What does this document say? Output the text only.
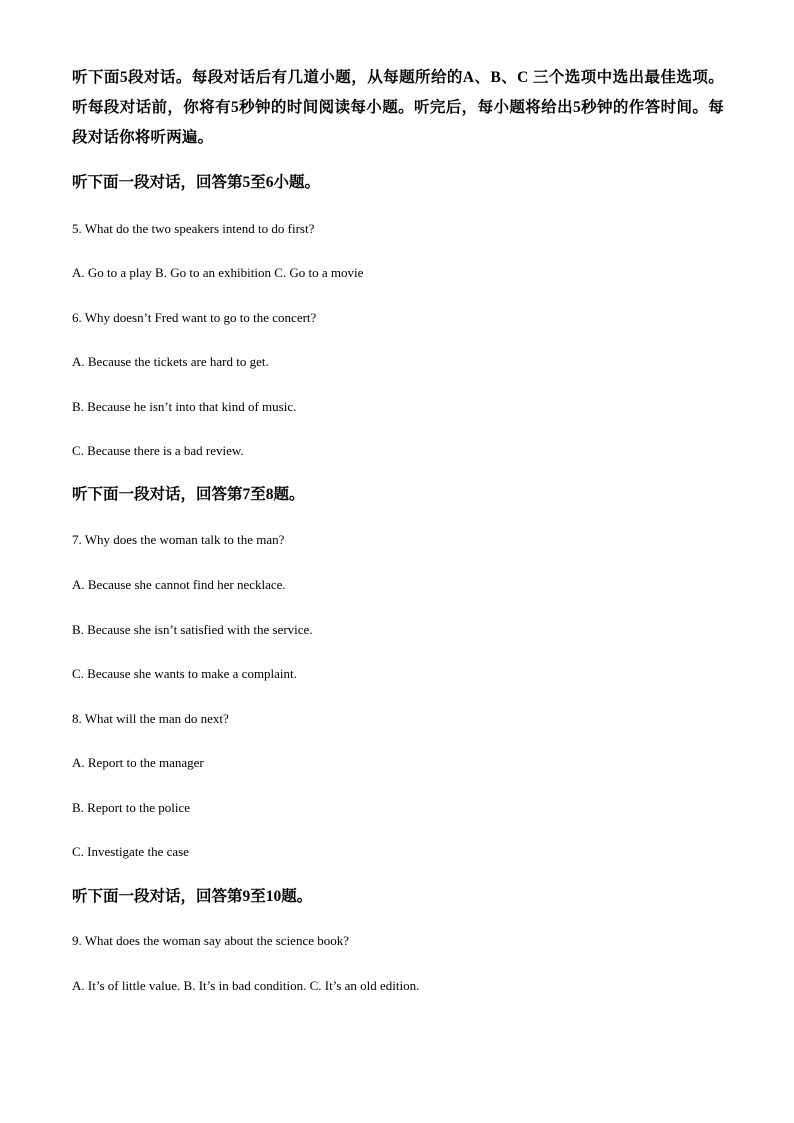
听下面5段对话。每段对话后有几道小题，从每题所给的A、B、C 三个选项中选出最佳选项。听每段对话前，你将有5秒钟的时间阅读每小题。听完后，每小题将给出5秒钟的作答时间。每段对话你将听两遍。

听下面一段对话，回答第5至6小题。

5. What do the two speakers intend to do first?

A. Go to a play B. Go to an exhibition C. Go to a movie

6. Why doesn’t Fred want to go to the concert?

A. Because the tickets are hard to get.

B. Because he isn’t into that kind of music.

C. Because there is a bad review.

听下面一段对话，回答第7至8题。

7. Why does the woman talk to the man?

A. Because she cannot find her necklace.

B. Because she isn’t satisfied with the service.

C. Because she wants to make a complaint.

8. What will the man do next?

A. Report to the manager

B. Report to the police

C. Investigate the case

听下面一段对话，回答第9至10题。

9. What does the woman say about the science book?

A. It’s of little value. B. It’s in bad condition. C. It’s an old edition.
